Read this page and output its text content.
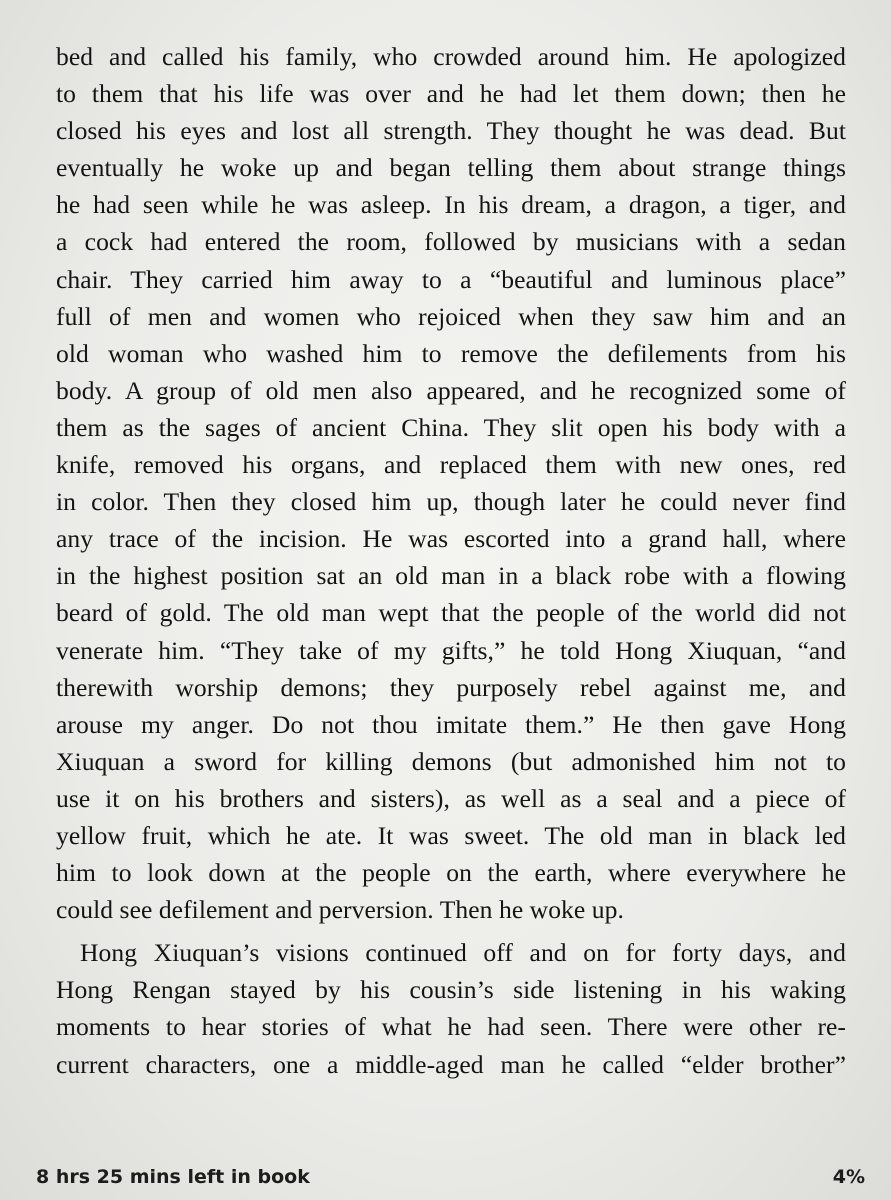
bed and called his family, who crowded around him. He apologized

to them that his life was over and he had let them down; then he

closed his eyes and lost all strength. They thought he was dead. But

eventually he woke up and began telling them about strange things

he had seen while he was asleep. In his dream, a dragon, a tiger, and

a cock had entered the room, followed by musicians with a sedan

chair. They carried him away to a “beautiful and luminous place”

full of men and women who rejoiced when they saw him and an

old woman who washed him to remove the defilements from his

body. A group of old men also appeared, and he recognized some of

them as the sages of ancient China. They slit open his body with a

knife, removed his organs, and replaced them with new ones, red

in color. Then they closed him up, though later he could never find

any trace of the incision. He was escorted into a grand hall, where

in the highest position sat an old man in a black robe with a flowing

beard of gold. The old man wept that the people of the world did not

venerate him. “They take of my gifts,” he told Hong Xiuquan, “and

therewith worship demons; they purposely rebel against me, and

arouse my anger. Do not thou imitate them.” He then gave Hong

Xiuquan a sword for killing demons (but admonished him not to

use it on his brothers and sisters), as well as a seal and a piece of

yellow fruit, which he ate. It was sweet. The old man in black led

him to look down at the people on the earth, where everywhere he

could see defilement and perversion. Then he woke up.

Hong Xiuquan’s visions continued off and on for forty days, and

Hong Rengan stayed by his cousin’s side listening in his waking

moments to hear stories of what he had seen. There were other re-

current characters, one a middle-aged man he called “elder brother”

8 hrs 25 mins left in book	4%
